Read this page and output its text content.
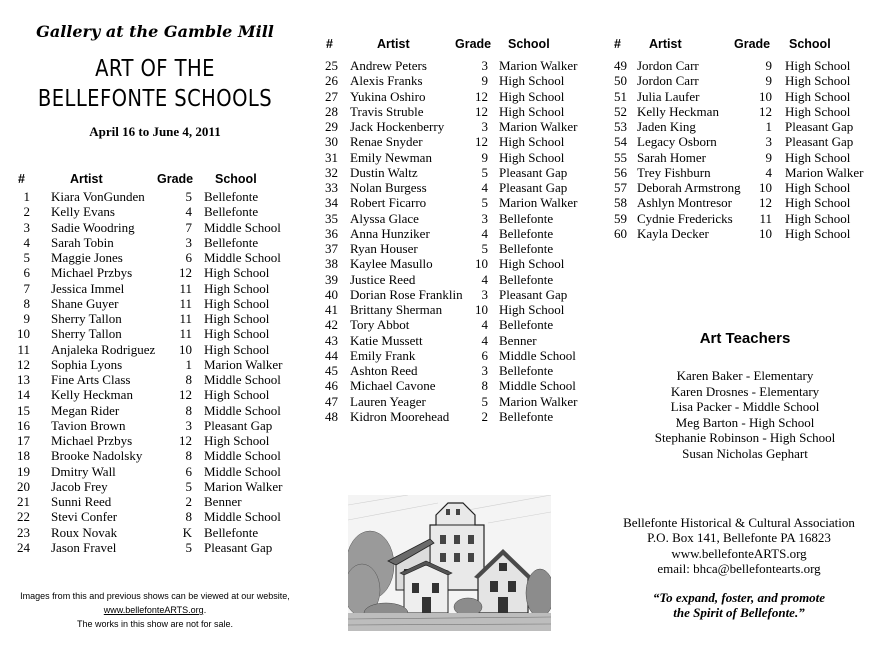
Gallery at the Gamble Mill
ART OF THE
BELLEFONTE SCHOOLS
April 16 to June 4, 2011
#	Artist	Grade School
#	Artist	Grade School	# Artist	Grade School
1 Kiara VonGunden	5 Bellefonte
2 Kelly Evans	4 Bellefonte
3 Sadie Woodring	7 Middle School
4 Sarah Tobin	3 Bellefonte
5 Maggie Jones	6 Middle School
6 Michael Przbys	12 High School
7 Jessica Immel	11 High School
8 Shane Guyer	11 High School
9 Sherry Tallon	11 High School
10 Sherry Tallon	11 High School
11 Anjaleka Rodriguez	10 High School
12 Sophia Lyons	1 Marion Walker
13 Fine Arts Class	8 Middle School
14 Kelly Heckman	12 High School
15 Megan Rider	8 Middle School
16 Tavion Brown	3 Pleasant Gap
17 Michael Przbys	12 High School
18 Brooke Nadolsky	8 Middle School
19 Dmitry Wall	6 Middle School
20 Jacob Frey	5 Marion Walker
21 Sunni Reed	2 Benner
22 Stevi Confer	8 Middle School
23 Roux Novak	K Bellefonte
24 Jason Fravel	5 Pleasant Gap
25 Andrew Peters	3 Marion Walker
26 Alexis Franks	9 High School
27 Yukina Oshiro	12 High School
28 Travis Struble	12 High School
29 Jack Hockenberry	3 Marion Walker
30 Renae Snyder	12 High School
31 Emily Newman	9 High School
32 Dustin Waltz	5 Pleasant Gap
33 Nolan Burgess	4 Pleasant Gap
34 Robert Ficarro	5 Marion Walker
35 Alyssa Glace	3 Bellefonte
36 Anna Hunziker	4 Bellefonte
37 Ryan Houser	5 Bellefonte
38 Kaylee Masullo	10 High School
39 Justice Reed	4 Bellefonte
40 Dorian Rose Franklin	3 Pleasant Gap
41 Brittany Sherman	10 High School
42 Tory Abbot	4 Bellefonte
43 Katie Mussett	4 Benner
44 Emily Frank	6 Middle School
45 Ashton Reed	3 Bellefonte
46 Michael Cavone	8 Middle School
47 Lauren Yeager	5 Marion Walker
48 Kidron Moorehead	2 Bellefonte
49 Jordon Carr	9 High School
50 Jordon Carr	9 High School
51 Julia Laufer	10 High School
52 Kelly Heckman	12 High School
53 Jaden King	1 Pleasant Gap
54 Legacy Osborn	3 Pleasant Gap
55 Sarah Homer	9 High School
56 Trey Fishburn	4 Marion Walker
57 Deborah Armstrong	10 High School
58 Ashlyn Montresor	12 High School
59 Cydnie Fredericks	11 High School
60 Kayla Decker	10 High School
Art Teachers
Karen Baker - Elementary
Karen Drosnes - Elementary
Lisa Packer - Middle School
Meg Barton - High School
Stephanie Robinson - High School
Susan Nicholas Gephart
Bellefonte Historical & Cultural Association
P.O. Box 141, Bellefonte PA 16823
www.bellefonteARTS.org
email: bhca@bellefontearts.org
“To expand, foster, and promote
the Spirit of Bellefonte.”
Images from this and previous shows can be viewed at our website,
www.bellefonteARTS.org.
The works in this show are not for sale.
